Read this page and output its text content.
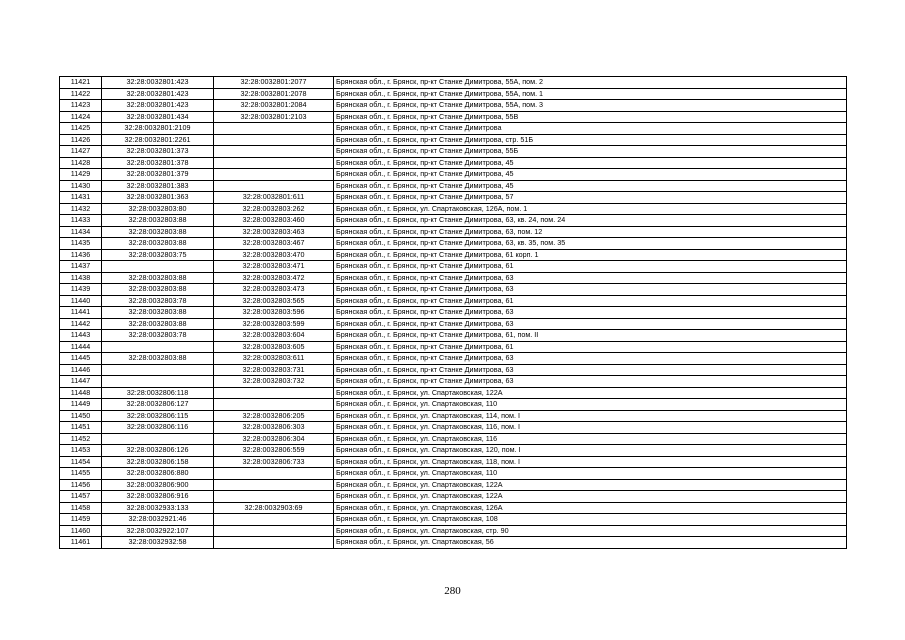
11421	32:28:0032801:423	32:28:0032801:2077	Брянская обл., г. Брянск, пр-кт Станке Димитрова, 55А, пом. 2
11422	32:28:0032801:423	32:28:0032801:2078	Брянская обл., г. Брянск, пр-кт Станке Димитрова, 55А, пом. 1
11423	32:28:0032801:423	32:28:0032801:2084	Брянская обл., г. Брянск, пр-кт Станке Димитрова, 55А, пом. 3
11424	32:28:0032801:434	32:28:0032801:2103	Брянская обл., г. Брянск, пр-кт Станке Димитрова, 55В
11425	32:28:0032801:2109		Брянская обл., г. Брянск, пр-кт Станке Димитрова
11426	32:28:0032801:2261		Брянская обл., г. Брянск, пр-кт Станке Димитрова, стр. 51Б
11427	32:28:0032801:373		Брянская обл., г. Брянск, пр-кт Станке Димитрова, 55Б
11428	32:28:0032801:378		Брянская обл., г. Брянск, пр-кт Станке Димитрова, 45
11429	32:28:0032801:379		Брянская обл., г. Брянск, пр-кт Станке Димитрова, 45
11430	32:28:0032801:383		Брянская обл., г. Брянск, пр-кт Станке Димитрова, 45
11431	32:28:0032801:363	32:28:0032801:611	Брянская обл., г. Брянск, пр-кт Станке Димитрова, 57
11432	32:28:0032803:80	32:28:0032803:262	Брянская обл., г. Брянск, ул. Спартаковская, 126А, пом. 1
11433	32:28:0032803:88	32:28:0032803:460	Брянская обл., г. Брянск, пр-кт Станке Димитрова, 63, кв. 24, пом. 24
11434	32:28:0032803:88	32:28:0032803:463	Брянская обл., г. Брянск, пр-кт Станке Димитрова, 63, пом. 12
11435	32:28:0032803:88	32:28:0032803:467	Брянская обл., г. Брянск, пр-кт Станке Димитрова, 63, кв. 35, пом. 35
11436	32:28:0032803:75	32:28:0032803:470	Брянская обл., г. Брянск, пр-кт Станке Димитрова, 61 корп. 1
11437		32:28:0032803:471	Брянская обл., г. Брянск, пр-кт Станке Димитрова, 61
11438	32:28:0032803:88	32:28:0032803:472	Брянская обл., г. Брянск, пр-кт Станке Димитрова, 63
11439	32:28:0032803:88	32:28:0032803:473	Брянская обл., г. Брянск, пр-кт Станке Димитрова, 63
11440	32:28:0032803:78	32:28:0032803:565	Брянская обл., г. Брянск, пр-кт Станке Димитрова, 61
11441	32:28:0032803:88	32:28:0032803:596	Брянская обл., г. Брянск, пр-кт Станке Димитрова, 63
11442	32:28:0032803:88	32:28:0032803:599	Брянская обл., г. Брянск, пр-кт Станке Димитрова, 63
11443	32:28:0032803:78	32:28:0032803:604	Брянская обл., г. Брянск, пр-кт Станке Димитрова, 61, пом. II
11444		32:28:0032803:605	Брянская обл., г. Брянск, пр-кт Станке Димитрова, 61
11445	32:28:0032803:88	32:28:0032803:611	Брянская обл., г. Брянск, пр-кт Станке Димитрова, 63
11446		32:28:0032803:731	Брянская обл., г. Брянск, пр-кт Станке Димитрова, 63
11447		32:28:0032803:732	Брянская обл., г. Брянск, пр-кт Станке Димитрова, 63
11448	32:28:0032806:118		Брянская обл., г. Брянск, ул. Спартаковская, 122А
11449	32:28:0032806:127		Брянская обл., г. Брянск, ул. Спартаковская, 110
11450	32:28:0032806:115	32:28:0032806:205	Брянская обл., г. Брянск, ул. Спартаковская, 114, пом. I
11451	32:28:0032806:116	32:28:0032806:303	Брянская обл., г. Брянск, ул. Спартаковская, 116, пом. I
11452		32:28:0032806:304	Брянская обл., г. Брянск, ул. Спартаковская, 116
11453	32:28:0032806:126	32:28:0032806:559	Брянская обл., г. Брянск, ул. Спартаковская, 120, пом. I
11454	32:28:0032806:158	32:28:0032806:733	Брянская обл., г. Брянск, ул. Спартаковская, 118, пом. I
11455	32:28:0032806:880		Брянская обл., г. Брянск, ул. Спартаковская, 110
11456	32:28:0032806:900		Брянская обл., г. Брянск, ул. Спартаковская, 122А
11457	32:28:0032806:916		Брянская обл., г. Брянск, ул. Спартаковская, 122А
11458	32:28:0032933:133	32:28:0032903:69	Брянская обл., г. Брянск, ул. Спартаковская, 126А
11459	32:28:0032921:46		Брянская обл., г. Брянск, ул. Спартаковская, 108
11460	32:28:0032922:107		Брянская обл., г. Брянск, ул. Спартаковская, стр. 90
11461	32:28:0032932:58		Брянская обл., г. Брянск, ул. Спартаковская, 56
280
